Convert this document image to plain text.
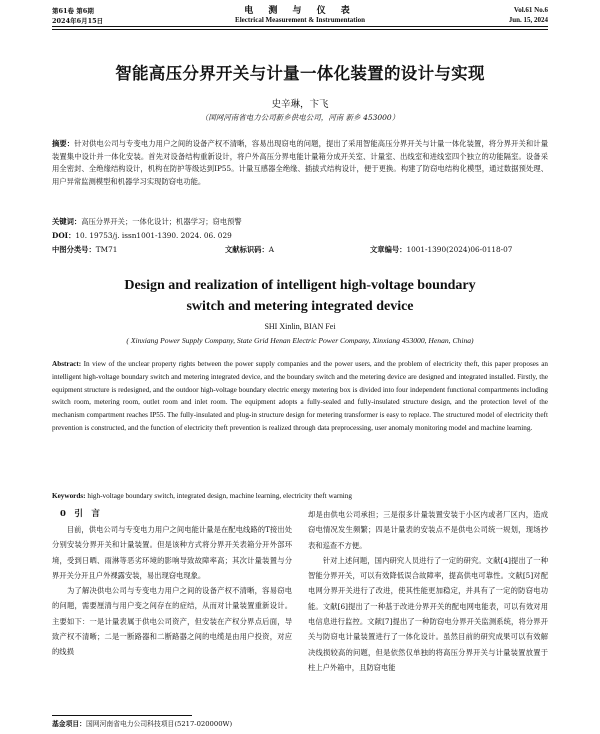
第61卷 第6期
2024年6月15日
电 测 与 仪 表
Electrical Measurement & Instrumentation
Vol.61 No.6
Jun. 15, 2024
智能高压分界开关与计量一体化装置的设计与实现
史辛琳，卞飞
（国网河南省电力公司新乡供电公司，河南 新乡 453000）
摘要：针对供电公司与专变电力用户之间的设备产权不清晰，容易出现窃电的问题，提出了采用智能高压分界开关与计量一体化装置，将分界开关和计量装置集中设计并一体化安装。首先对设备结构重新设计，将户外高压分界电能计量箱分成开关室、计量室、出线室和进线室四个独立的功能隔室。设备采用全密封、全绝缘结构设计，机构在防护等级达到IP55。计量互感器全绝缘、插拔式结构设计，便于更换。构建了防窃电结构化模型，通过数据预处理、用户异常监测模型和机器学习实现防窃电功能。
关键词：高压分界开关；一体化设计；机器学习；窃电预警
DOI：10. 19753/j. issn1001-1390. 2024. 06. 029
中图分类号：TM71	文献标识码：A	文章编号：1001-1390(2024)06-0118-07
Design and realization of intelligent high-voltage boundary
switch and metering integrated device
SHI Xinlin, BIAN Fei
( Xinxiang Power Supply Company, State Grid Henan Electric Power Company, Xinxiang 453000, Henan, China)
Abstract: In view of the unclear property rights between the power supply companies and the power users, and the problem of electricity theft, this paper proposes an intelligent high-voltage boundary switch and metering integrated device, and the boundary switch and the metering device are designed and integrated installed. Firstly, the equipment structure is redesigned, and the outdoor high-voltage boundary electric energy metering box is divided into four independent functional compartments including switch room, metering room, outlet room and inlet room. The equipment adopts a fully-sealed and fully-insulated structure design, and the protection level of the mechanism compartment reaches IP55. The fully-insulated and plug-in structure design for metering transformer is easy to replace. The structured model of electricity theft prevention is constructed, and the function of electricity theft prevention is realized through data preprocessing, user anomaly monitoring model and machine learning.
Keywords: high-voltage boundary switch, integrated design, machine learning, electricity theft warning
0　引　言
　　目前，供电公司与专变电力用户之间电能计量是在配电线路的T接出处分别安装分界开关和计量装置。但是该种方式将分界开关表箱分开外部环境，受到日晒、雨淋等恶劣环境的影响导致故障率高；其次计量装置与分界开关分开且户外裸露安装，易出现窃电现象。
　　为了解决供电公司与专变电力用户之间的设备产权不清晰，容易窃电的问题，需要厘清与用户变之间存在的症结，从而对计量装置重新设计。主要如下：一是计量表属于供电公司资产，但安装在产权分界点后面，导致产权不清晰；二是一断路器和二断路器之间的电缆是由用户投资，对应的线损
却是由供电公司承担；三是很多计量装置安装于小区内或者厂区内，造成窃电情况发生频繁；四是计量表的安装点不是供电公司统一规划，现场抄表和巡查不方便。
　　针对上述问题，国内研究人员进行了一定的研究。文献[4]提出了一种智能分界开关，可以有效降低误合故障率，提高供电可靠性。文献[5]对配电网分界开关进行了改进，使其性能更加稳定，并具有了一定的防窃电功能。文献[6]提出了一种基于改进分界开关的配电网电能表，可以有效对用电信息进行监控。文献[7]提出了一种防窃电分界开关监测系统，将分界开关与防窃电计量装置进行了一体化设计。虽然目前的研究成果可以有效解决线损较高的问题，但是依然仅单独的将高压分界开关与计量装置放置于柱上户外箱中，且防窃电能
基金项目：国网河南省电力公司科技项目(5217-020000W)
